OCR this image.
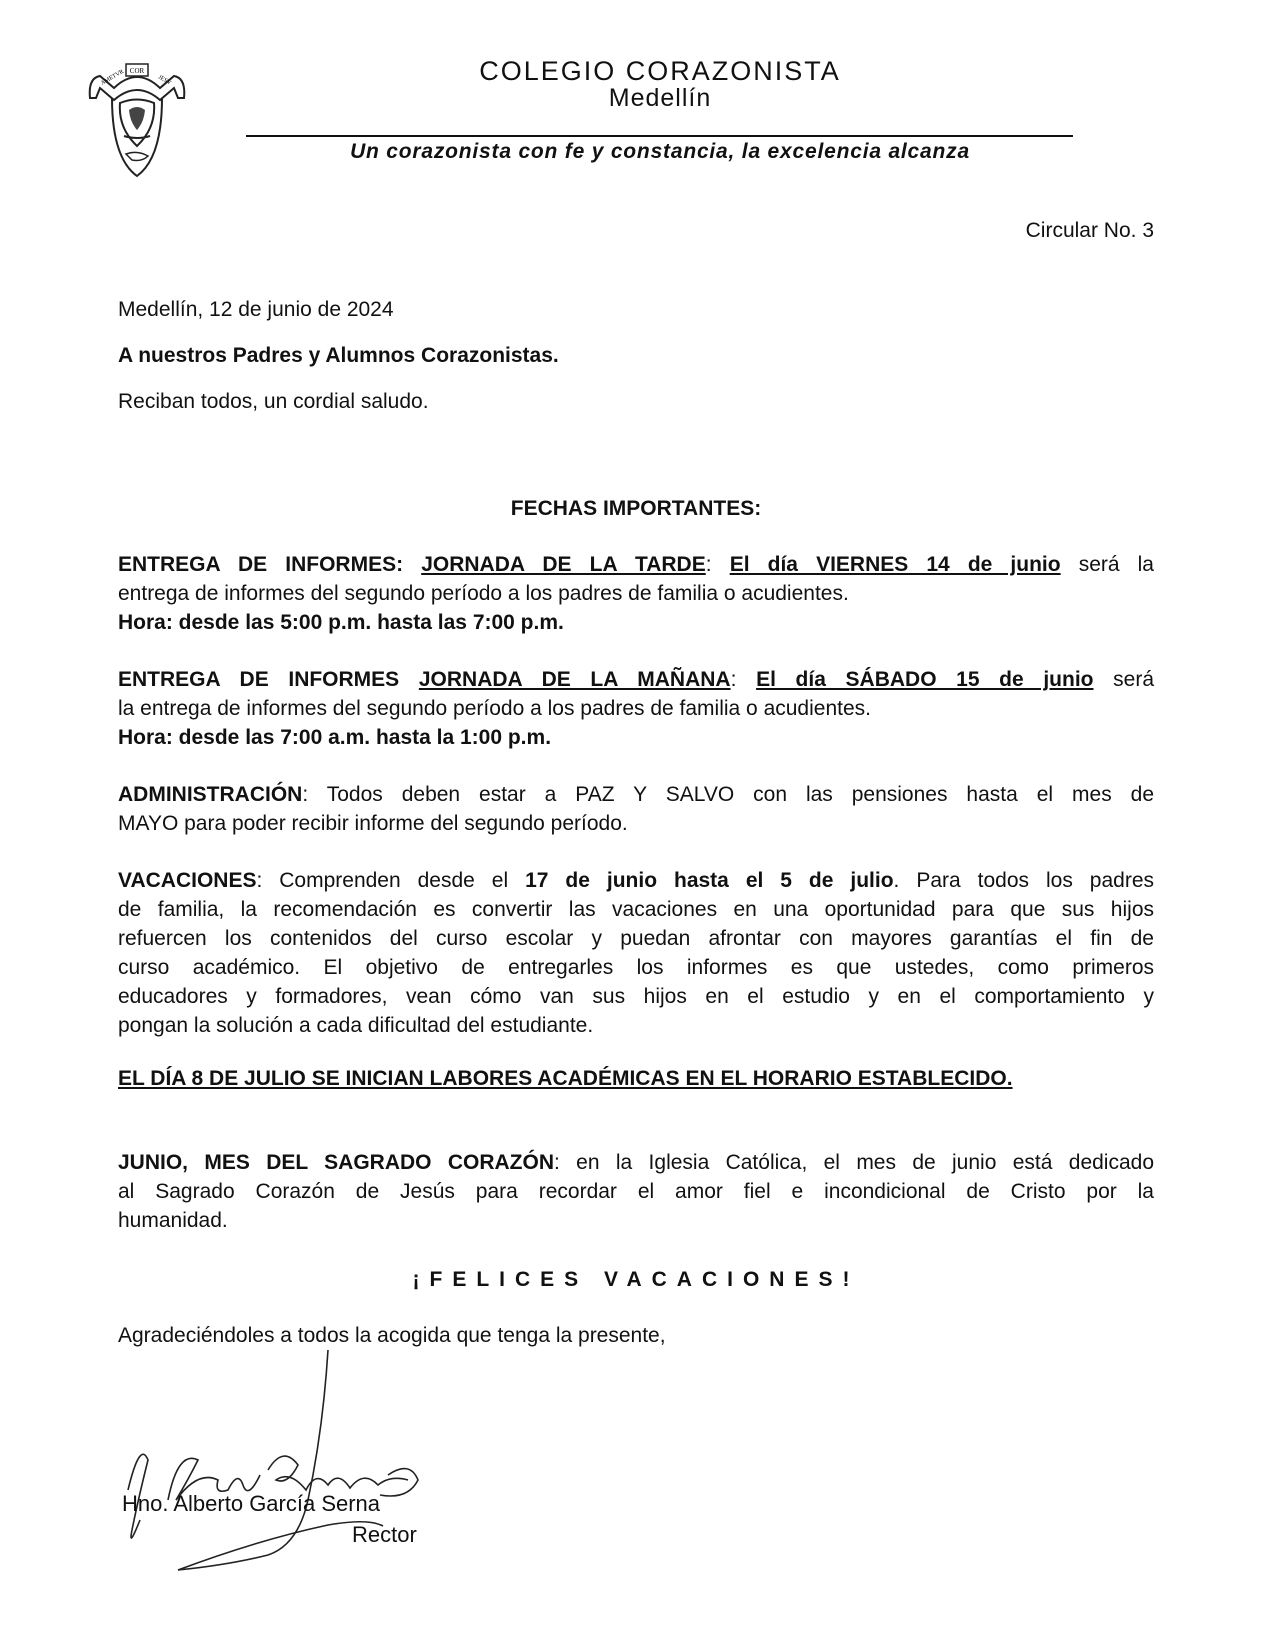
COR
AMETVR	JESV	COLEGIO CORAZONISTA
Medellín
Un corazonista con fe y constancia, la excelencia alcanza
Circular No. 3
Medellín, 12 de junio de 2024
A nuestros Padres y Alumnos Corazonistas.
Reciban todos, un cordial saludo.
FECHAS IMPORTANTES:
ENTREGA DE INFORMES: JORNADA DE LA TARDE: El día VIERNES 14 de junio será la
entrega de informes del segundo período a los padres de familia o acudientes.
Hora: desde las 5:00 p.m. hasta las 7:00 p.m.
ENTREGA DE INFORMES JORNADA DE LA MAÑANA: El día SÁBADO 15 de junio será
la entrega de informes del segundo período a los padres de familia o acudientes.
Hora: desde las 7:00 a.m. hasta la 1:00 p.m.
ADMINISTRACIÓN: Todos deben estar a PAZ Y SALVO con las pensiones hasta el mes de
MAYO para poder recibir informe del segundo período.
VACACIONES: Comprenden desde el 17 de junio hasta el 5 de julio. Para todos los padres
de familia, la recomendación es convertir las vacaciones en una oportunidad para que sus hijos
refuercen los contenidos del curso escolar y puedan afrontar con mayores garantías el fin de
curso académico. El objetivo de entregarles los informes es que ustedes, como primeros
educadores y formadores, vean cómo van sus hijos en el estudio y en el comportamiento y
pongan la solución a cada dificultad del estudiante.
EL DÍA 8 DE JULIO SE INICIAN LABORES ACADÉMICAS EN EL HORARIO ESTABLECIDO.
JUNIO, MES DEL SAGRADO CORAZÓN: en la Iglesia Católica, el mes de junio está dedicado
al Sagrado Corazón de Jesús para recordar el amor fiel e incondicional de Cristo por la
humanidad.
¡FELICES VACACIONES!
Agradeciéndoles a todos la acogida que tenga la presente,
Hno. Alberto García Serna
Rector
